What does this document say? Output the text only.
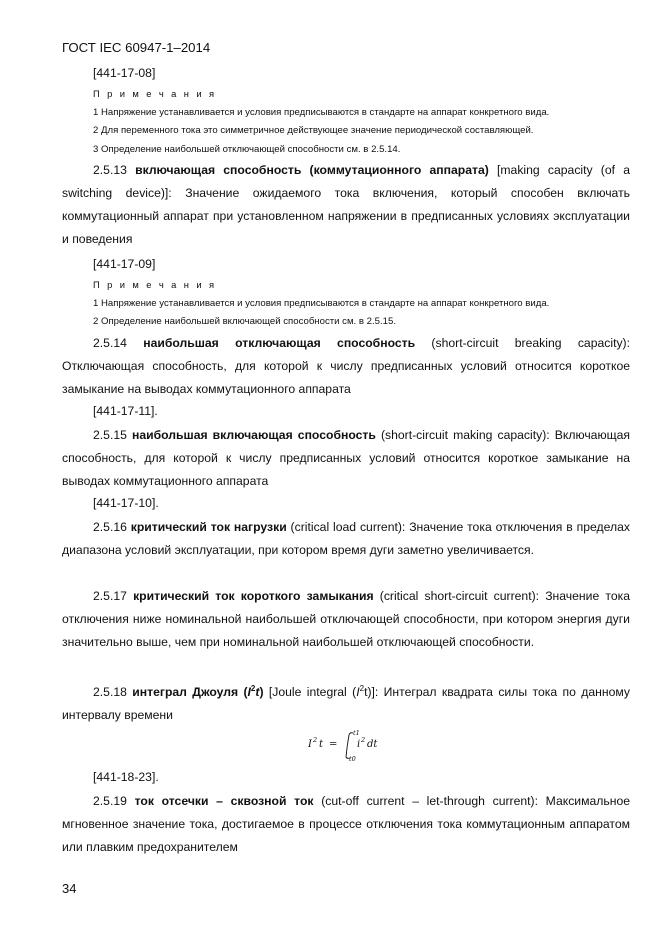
ГОСТ IEC 60947-1–2014
[441-17-08]
П р и м е ч а н и я
1 Напряжение устанавливается и условия предписываются в стандарте на аппарат конкретного вида.
2 Для переменного тока это симметричное действующее значение периодической составляющей.
3 Определение наибольшей отключающей способности см. в 2.5.14.
2.5.13 включающая способность (коммутационного аппарата) [making capacity (of a switching device)]: Значение ожидаемого тока включения, который способен включать коммутационный аппарат при установленном напряжении в предписанных условиях эксплуатации и поведения
[441-17-09]
П р и м е ч а н и я
1 Напряжение устанавливается и условия предписываются в стандарте на аппарат конкретного вида.
2 Определение наибольшей включающей способности см. в 2.5.15.
2.5.14 наибольшая отключающая способность (short-circuit breaking capacity): Отключающая способность, для которой к числу предписанных условий относится короткое замыкание на выводах коммутационного аппарата
[441-17-11].
2.5.15 наибольшая включающая способность (short-circuit making capacity): Включающая способность, для которой к числу предписанных условий относится короткое замыкание на выводах коммутационного аппарата
[441-17-10].
2.5.16 критический ток нагрузки (critical load current): Значение тока отключения в пределах диапазона условий эксплуатации, при котором время дуги заметно увеличивается.
2.5.17 критический ток короткого замыкания (critical short-circuit current): Значение тока отключения ниже номинальной наибольшей отключающей способности, при котором энергия дуги значительно выше, чем при номинальной наибольшей отключающей способности.
2.5.18 интеграл Джоуля $(I^2t)$ [Joule integral $(I^2t)$]: Интеграл квадрата силы тока по данному интервалу времени
I 2 t =
t1
t0
i 2 dt
[441-18-23].
2.5.19 ток отсечки – сквозной ток (cut-off current – let-through current): Максимальное мгновенное значение тока, достигаемое в процессе отключения тока коммутационным аппаратом или плавким предохранителем
34
